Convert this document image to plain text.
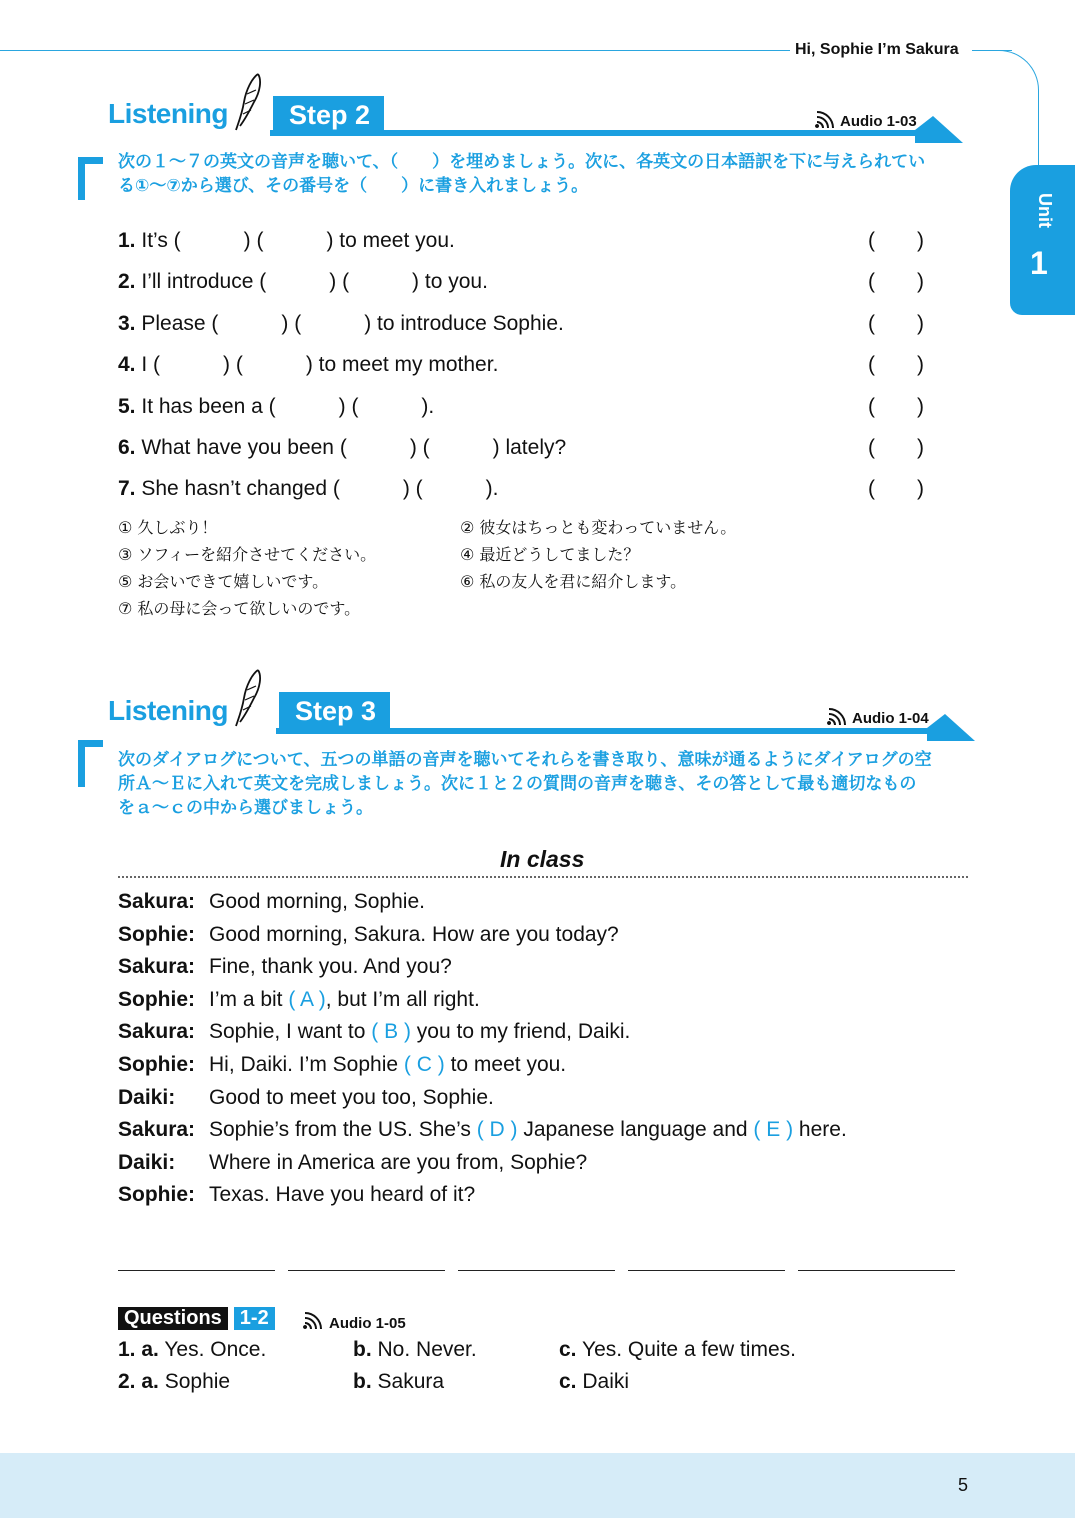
Hi, Sophie I’m Sakura
Unit
1
Listening	Step 2	Audio 1-03
次の１～７の英文の音声を聴いて、（　　）を埋めましょう。次に、各英文の日本語訳を下に与えられてい
る①～⑦から選び、その番号を（　　）に書き入れましょう。
1. It’s (　　　) (　　　) to meet you.	(　　)
2. I’ll introduce (　　　) (　　　) to you.	(　　)
3. Please (　　　) (　　　) to introduce Sophie.	(　　)
4. I (　　　) (　　　) to meet my mother.	(　　)
5. It has been a (　　　) (　　　).	(　　)
6. What have you been (　　　) (　　　) lately?	(　　)
7. She hasn’t changed (　　　) (　　　).	(　　)
① 久しぶり！	② 彼女はちっとも変わっていません。
③ ソフィーを紹介させてください。	④ 最近どうしてました？
⑤ お会いできて嬉しいです。	⑥ 私の友人を君に紹介します。
⑦ 私の母に会って欲しいのです。
Listening	Step 3	Audio 1-04
次のダイアログについて、五つの単語の音声を聴いてそれらを書き取り、意味が通るようにダイアログの空
所Ａ～Ｅに入れて英文を完成しましょう。次に１と２の質問の音声を聴き、その答として最も適切なもの
をａ～ｃの中から選びましょう。
In class
Sakura: Good morning, Sophie.
Sophie: Good morning, Sakura. How are you today?
Sakura: Fine, thank you. And you?
Sophie: I’m a bit ( A ), but I’m all right.
Sakura: Sophie, I want to ( B ) you to my friend, Daiki.
Sophie: Hi, Daiki. I’m Sophie ( C ) to meet you.
Daiki: Good to meet you too, Sophie.
Sakura: Sophie’s from the US. She’s ( D ) Japanese language and ( E ) here.
Daiki: Where in America are you from, Sophie?
Sophie: Texas. Have you heard of it?
Questions 1-2	Audio 1-05
1. a. Yes. Once.	b. No. Never.	c. Yes. Quite a few times.
2. a. Sophie	b. Sakura	c. Daiki
5
